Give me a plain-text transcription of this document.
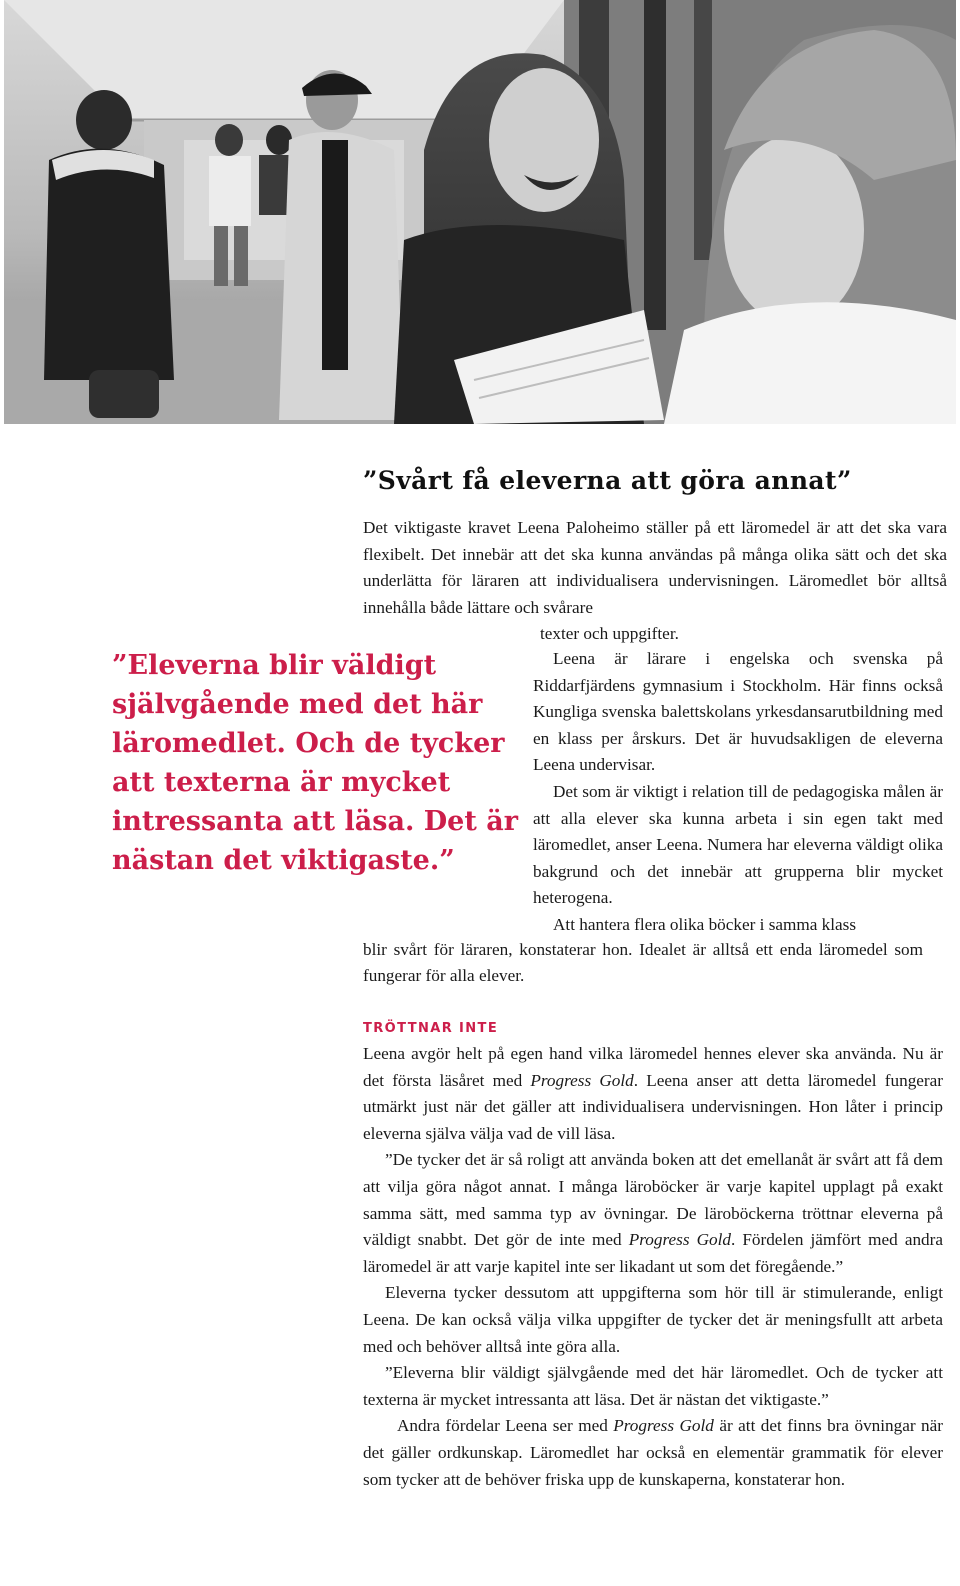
”Svårt få eleverna att göra annat”

Det viktigaste kravet Leena Paloheimo ställer på ett läromedel är att det ska vara flexibelt. Det innebär att det ska kunna användas på många olika sätt och det ska underlätta för läraren att individualisera undervisningen. Läromedlet bör alltså innehålla både lättare och svårare

texter och uppgifter.

”Eleverna blir väldigt självgående med det här läromedlet. Och de tycker att texterna är mycket intressanta att läsa. Det är nästan det viktigaste.”

Leena är lärare i engelska och svenska på Riddarfjärdens gymnasium i Stockholm. Här finns också Kungliga svenska balettskolans yrkesdansarutbildning med en klass per årskurs. Det är huvudsakligen de eleverna Leena undervisar.

Det som är viktigt i relation till de pedagogiska målen är att alla elever ska kunna arbeta i sin egen takt med läromedlet, anser Leena. Numera har eleverna väldigt olika bakgrund och det innebär att grupperna blir mycket heterogena.

Att hantera flera olika böcker i samma klass

blir svårt för läraren, konstaterar hon. Idealet är alltså ett enda läromedel som fungerar för alla elever.

TRÖTTNAR INTE

Leena avgör helt på egen hand vilka läromedel hennes elever ska använda. Nu är det första läsåret med Progress Gold. Leena anser att detta läromedel fungerar utmärkt just när det gäller att individualisera undervisningen. Hon låter i princip eleverna själva välja vad de vill läsa.

”De tycker det är så roligt att använda boken att det emellanåt är svårt att få dem att vilja göra något annat. I många läroböcker är varje kapitel upplagt på exakt samma sätt, med samma typ av övningar. De läroböckerna tröttnar eleverna på väldigt snabbt. Det gör de inte med Progress Gold. Fördelen jämfört med andra läromedel är att varje kapitel inte ser likadant ut som det föregående.”

Eleverna tycker dessutom att uppgifterna som hör till är stimulerande, enligt Leena. De kan också välja vilka uppgifter de tycker det är meningsfullt att arbeta med och behöver alltså inte göra alla.

”Eleverna blir väldigt självgående med det här läromedlet. Och de tycker att texterna är mycket intressanta att läsa. Det är nästan det viktigaste.”

Andra fördelar Leena ser med Progress Gold är att det finns bra övningar när det gäller ordkunskap. Läromedlet har också en elementär grammatik för elever som tycker att de behöver friska upp de kunskaperna, konstaterar hon.
